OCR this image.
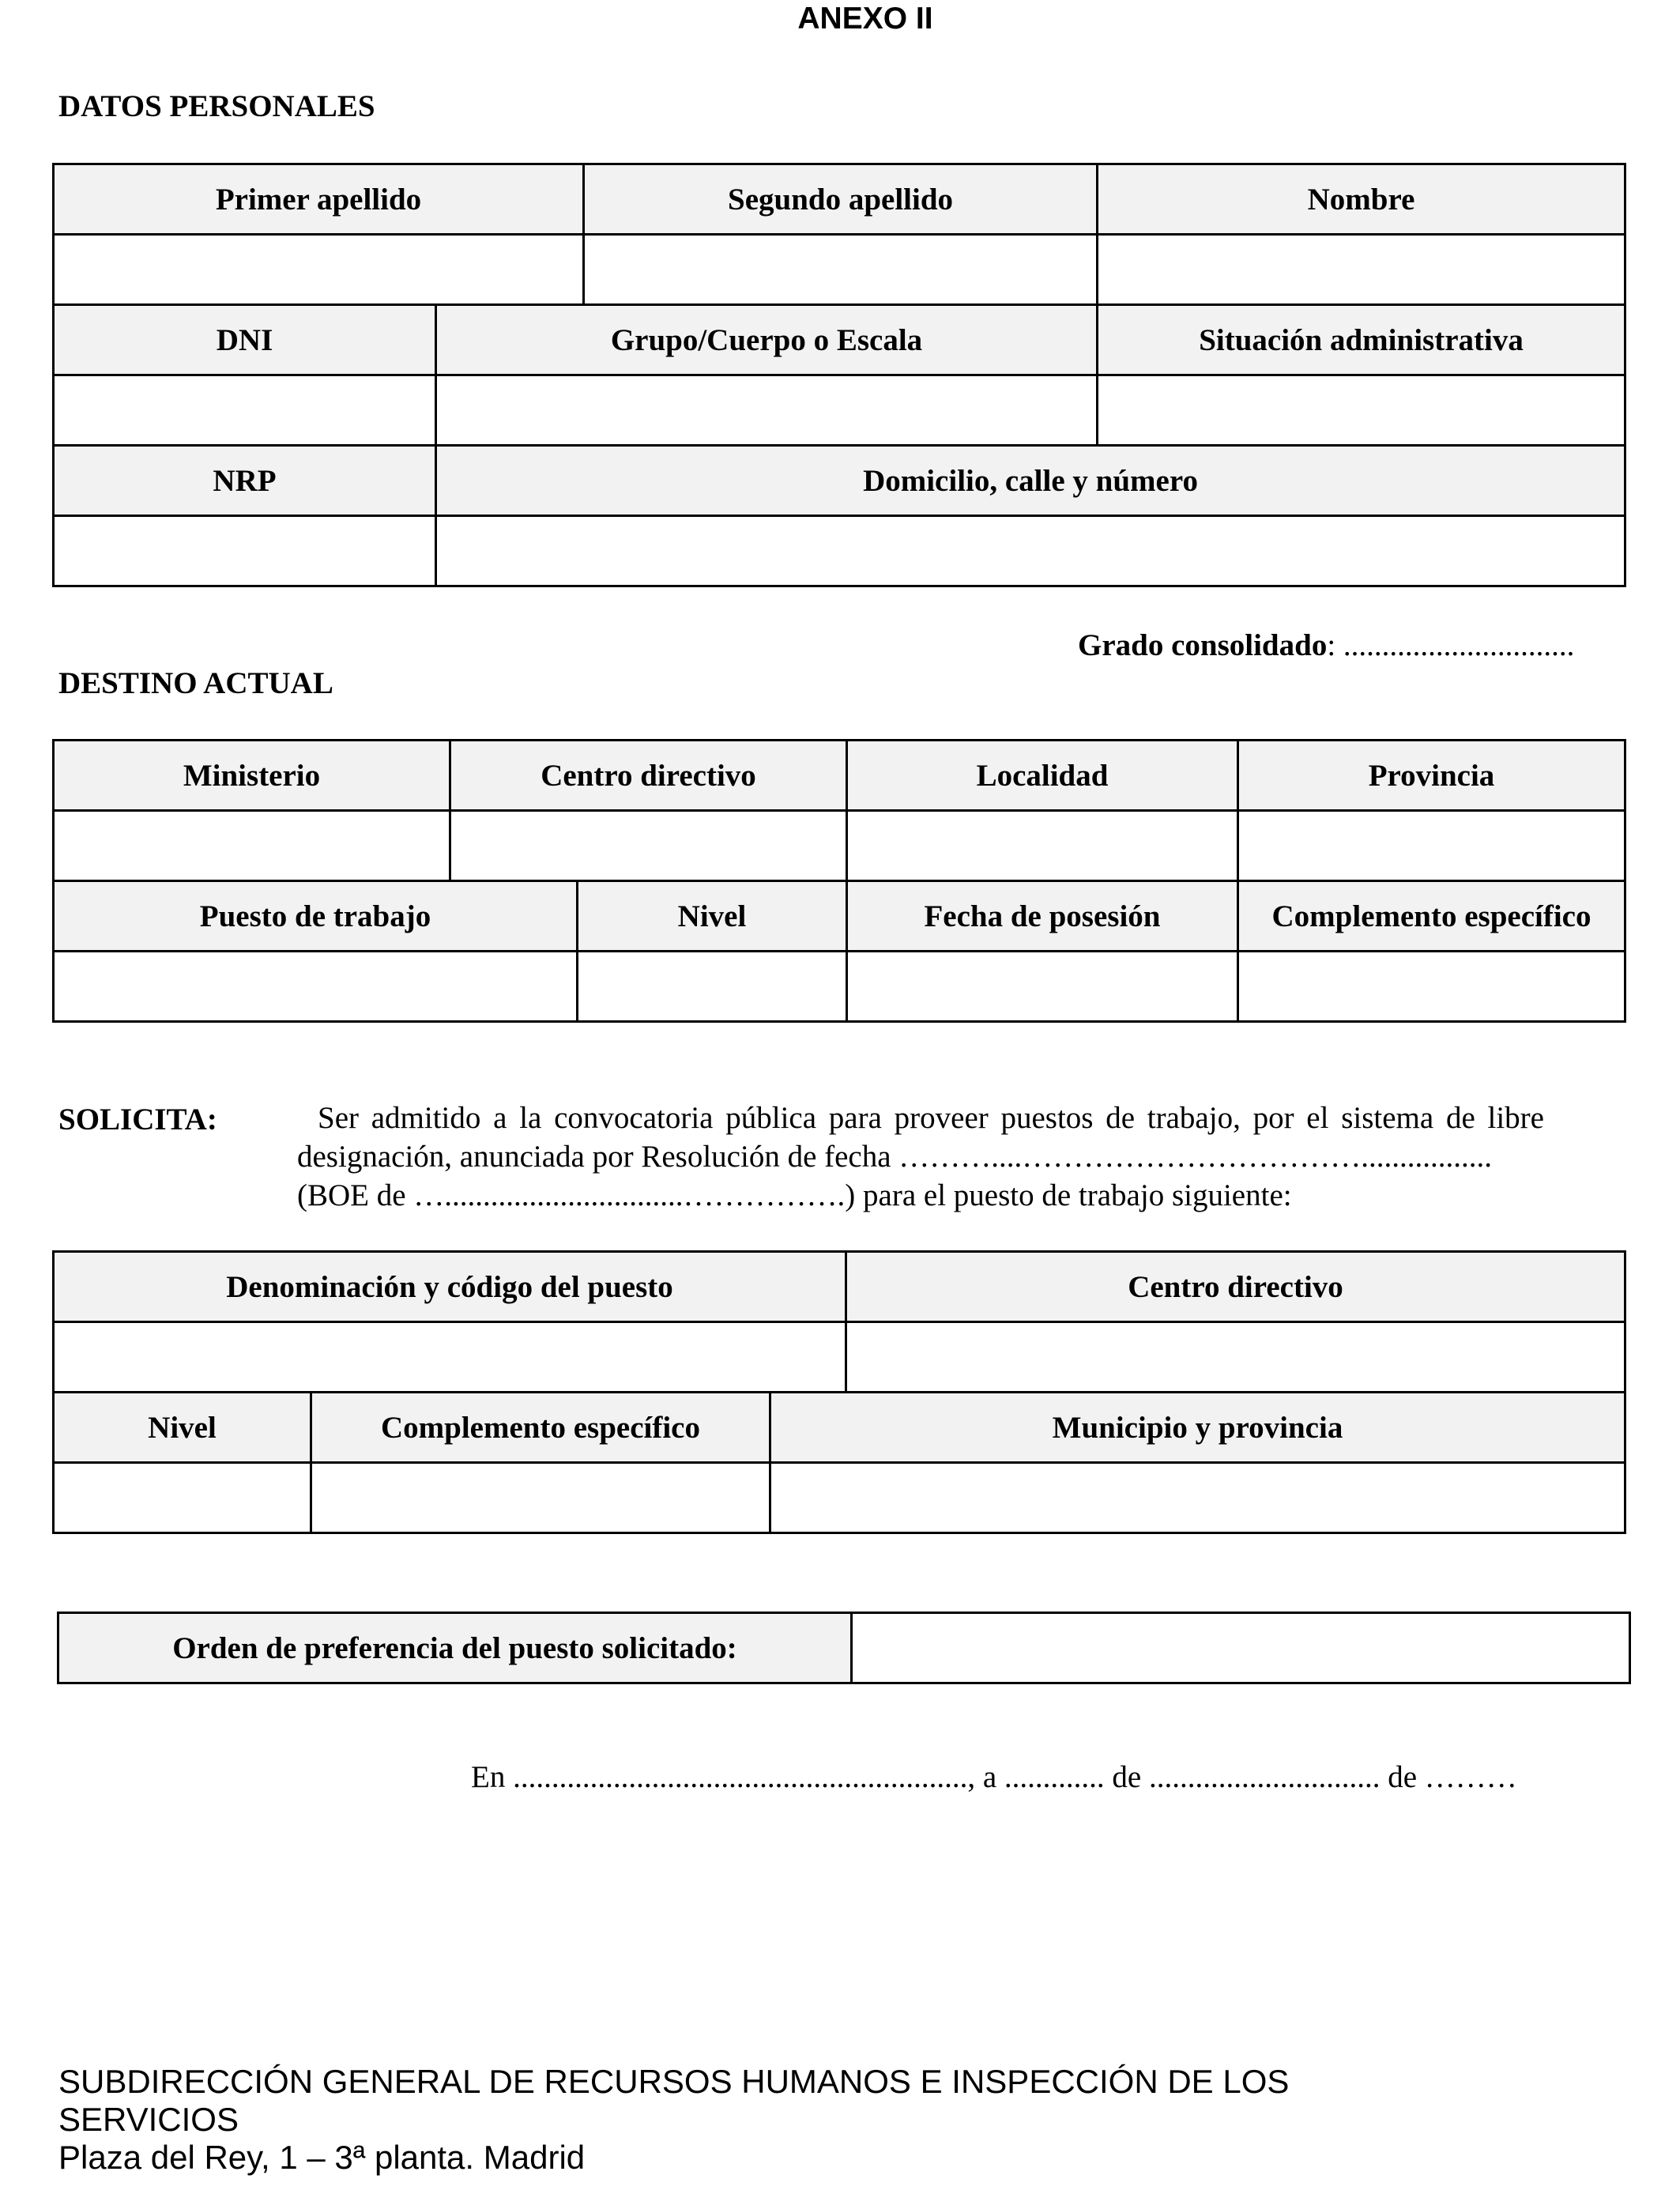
ANEXO II
DATOS PERSONALES
Primer apellido		Segundo apellido	Nombre

DNI	Grupo/Cuerpo o Escala		Situación administrativa

NRP	Domicilio, calle y número		

Grado consolidado: ..............................
DESTINO ACTUAL
Ministerio	Centro directivo		Localidad	Provincia

Puesto de trabajo		Nivel	Fecha de posesión	Complemento específico

SOLICITA:	Ser admitido a la convocatoria pública para proveer puestos de trabajo, por el sistema de libre
designación, anunciada por Resolución de fecha ………....…………………………….................
(BOE de …...............................…………….) para el puesto de trabajo siguiente:
Denominación y código del puesto			Centro directivo

Nivel	Complemento específico	Municipio y provincia	

Orden de preferencia del puesto solicitado:	
En ..........................................................., a ............. de .............................. de ………
SUBDIRECCIÓN GENERAL DE RECURSOS HUMANOS E INSPECCIÓN DE LOS
SERVICIOS
Plaza del Rey, 1 – 3ª planta. Madrid
